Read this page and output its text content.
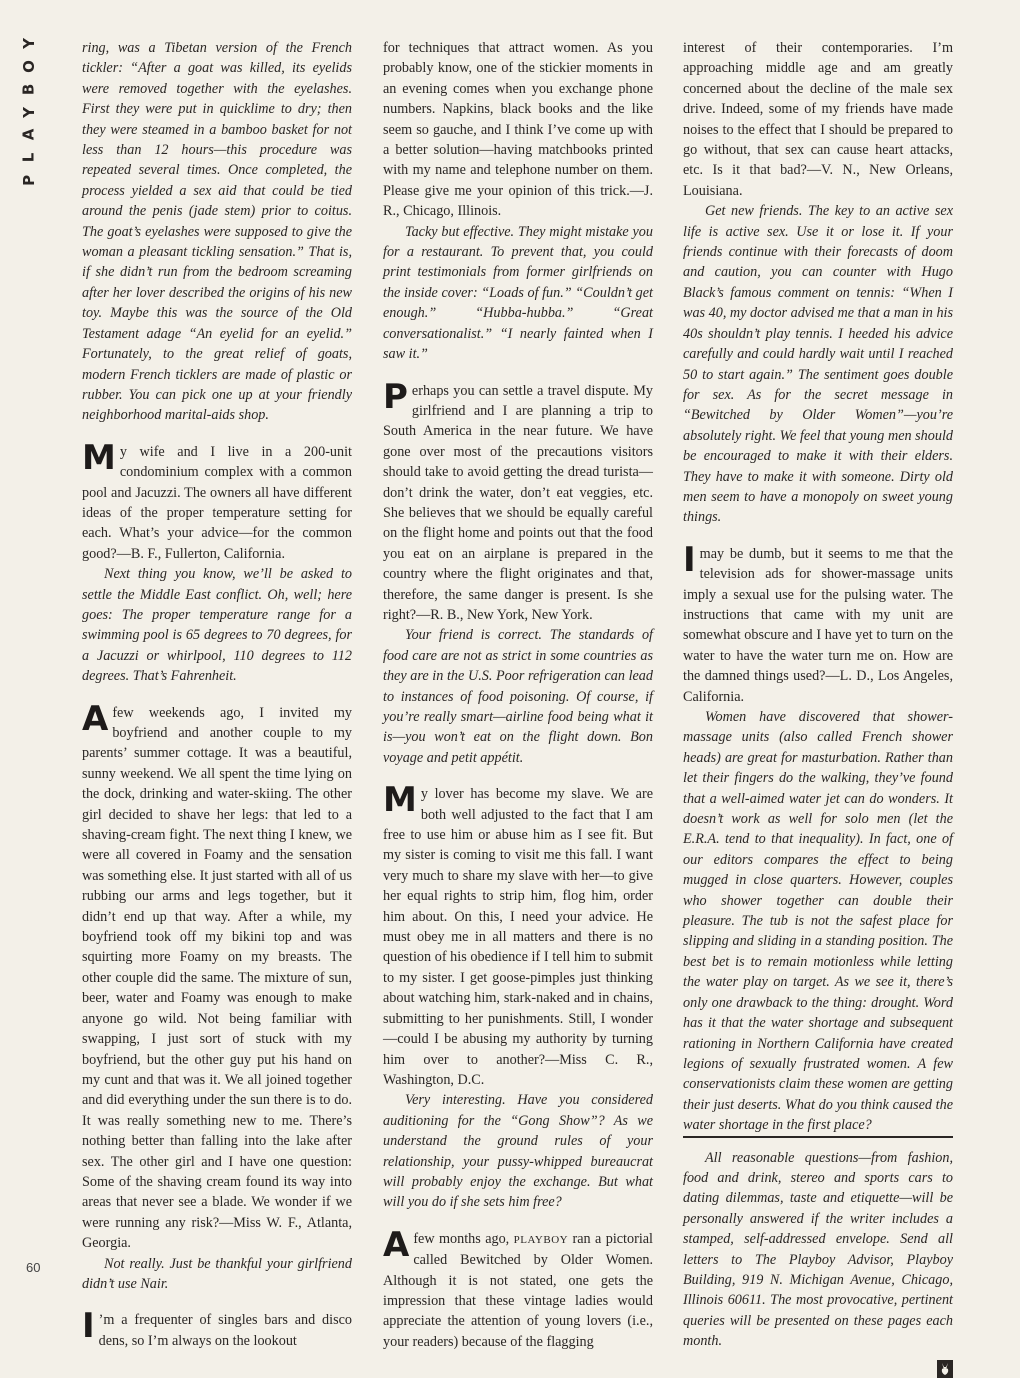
Y
O
B
Y
A
L
P
60

ring, was a Tibetan version of the French tickler: “After a goat was killed, its eyelids were removed together with the eyelashes. First they were put in quicklime to dry; then they were steamed in a bamboo basket for not less than 12 hours—this procedure was repeated several times. Once completed, the process yielded a sex aid that could be tied around the penis (jade stem) prior to coitus. The goat’s eyelashes were supposed to give the woman a pleasant tickling sensation.” That is, if she didn’t run from the bedroom screaming after her lover described the origins of his new toy. Maybe this was the source of the Old Testament adage “An eyelid for an eyelid.” Fortunately, to the great relief of goats, modern French ticklers are made of plastic or rubber. You can pick one up at your friendly neighborhood marital-aids shop.

My wife and I live in a 200-unit condominium complex with a common pool and Jacuzzi. The owners all have different ideas of the proper temperature setting for each. What’s your advice—for the common good?—B. F., Fullerton, California.

Next thing you know, we’ll be asked to settle the Middle East conflict. Oh, well; here goes: The proper temperature range for a swimming pool is 65 degrees to 70 degrees, for a Jacuzzi or whirlpool, 110 degrees to 112 degrees. That’s Fahrenheit.

A few weekends ago, I invited my boyfriend and another couple to my parents’ summer cottage. It was a beautiful, sunny weekend. We all spent the time lying on the dock, drinking and water-skiing. The other girl decided to shave her legs: that led to a shaving-cream fight. The next thing I knew, we were all covered in Foamy and the sensation was something else. It just started with all of us rubbing our arms and legs together, but it didn’t end up that way. After a while, my boyfriend took off my bikini top and was squirting more Foamy on my breasts. The other couple did the same. The mixture of sun, beer, water and Foamy was enough to make anyone go wild. Not being familiar with swapping, I just sort of stuck with my boyfriend, but the other guy put his hand on my cunt and that was it. We all joined together and did everything under the sun there is to do. It was really something new to me. There’s nothing better than falling into the lake after sex. The other girl and I have one question: Some of the shaving cream found its way into areas that never see a blade. We wonder if we were running any risk?—Miss W. F., Atlanta, Georgia.

Not really. Just be thankful your girlfriend didn’t use Nair.

I ’m a frequenter of singles bars and disco dens, so I’m always on the lookout

for techniques that attract women. As you probably know, one of the stickier moments in an evening comes when you exchange phone numbers. Napkins, black books and the like seem so gauche, and I think I’ve come up with a better solution—having matchbooks printed with my name and telephone number on them. Please give me your opinion of this trick.—J. R., Chicago, Illinois.

Tacky but effective. They might mistake you for a restaurant. To prevent that, you could print testimonials from former girlfriends on the inside cover: “Loads of fun.” “Couldn’t get enough.” “Hubba-hubba.” “Great conversationalist.” “I nearly fainted when I saw it.”

Perhaps you can settle a travel dispute. My girlfriend and I are planning a trip to South America in the near future. We have gone over most of the precautions visitors should take to avoid getting the dread turista—don’t drink the water, don’t eat veggies, etc. She believes that we should be equally careful on the flight home and points out that the food you eat on an airplane is prepared in the country where the flight originates and that, therefore, the same danger is present. Is she right?—R. B., New York, New York.

Your friend is correct. The standards of food care are not as strict in some countries as they are in the U.S. Poor refrigeration can lead to instances of food poisoning. Of course, if you’re really smart—airline food being what it is—you won’t eat on the flight down. Bon voyage and petit appétit.

My lover has become my slave. We are both well adjusted to the fact that I am free to use him or abuse him as I see fit. But my sister is coming to visit me this fall. I want very much to share my slave with her—to give her equal rights to strip him, flog him, order him about. On this, I need your advice. He must obey me in all matters and there is no question of his obedience if I tell him to submit to my sister. I get goose-pimples just thinking about watching him, stark-naked and in chains, submitting to her punishments. Still, I wonder—could I be abusing my authority by turning him over to another?—Miss C. R., Washington, D.C.

Very interesting. Have you considered auditioning for the “Gong Show”? As we understand the ground rules of your relationship, your pussy-whipped bureaucrat will probably enjoy the exchange. But what will you do if she sets him free?

A few months ago, PLAYBOY ran a pictorial called Bewitched by Older Women. Although it is not stated, one gets the impression that these vintage ladies would appreciate the attention of young lovers (i.e., your readers) because of the flagging

interest of their contemporaries. I’m approaching middle age and am greatly concerned about the decline of the male sex drive. Indeed, some of my friends have made noises to the effect that I should be prepared to go without, that sex can cause heart attacks, etc. Is it that bad?—V. N., New Orleans, Louisiana.

Get new friends. The key to an active sex life is active sex. Use it or lose it. If your friends continue with their forecasts of doom and caution, you can counter with Hugo Black’s famous comment on tennis: “When I was 40, my doctor advised me that a man in his 40s shouldn’t play tennis. I heeded his advice carefully and could hardly wait until I reached 50 to start again.” The sentiment goes double for sex. As for the secret message in “Bewitched by Older Women”—you’re absolutely right. We feel that young men should be encouraged to make it with their elders. They have to make it with someone. Dirty old men seem to have a monopoly on sweet young things.

I may be dumb, but it seems to me that the television ads for shower-massage units imply a sexual use for the pulsing water. The instructions that came with my unit are somewhat obscure and I have yet to turn on the water to have the water turn me on. How are the damned things used?—L. D., Los Angeles, California.

Women have discovered that shower-massage units (also called French shower heads) are great for masturbation. Rather than let their fingers do the walking, they’ve found that a well-aimed water jet can do wonders. It doesn’t work as well for solo men (let the E.R.A. tend to that inequality). In fact, one of our editors compares the effect to being mugged in close quarters. However, couples who shower together can double their pleasure. The tub is not the safest place for slipping and sliding in a standing position. The best bet is to remain motionless while letting the water play on target. As we see it, there’s only one drawback to the thing: drought. Word has it that the water shortage and subsequent rationing in Northern California have created legions of sexually frustrated women. A few conservationists claim these women are getting their just deserts. What do you think caused the water shortage in the first place?

All reasonable questions—from fashion, food and drink, stereo and sports cars to dating dilemmas, taste and etiquette—will be personally answered if the writer includes a stamped, self-addressed envelope. Send all letters to The Playboy Advisor, Playboy Building, 919 N. Michigan Avenue, Chicago, Illinois 60611. The most provocative, pertinent queries will be presented on these pages each month.
